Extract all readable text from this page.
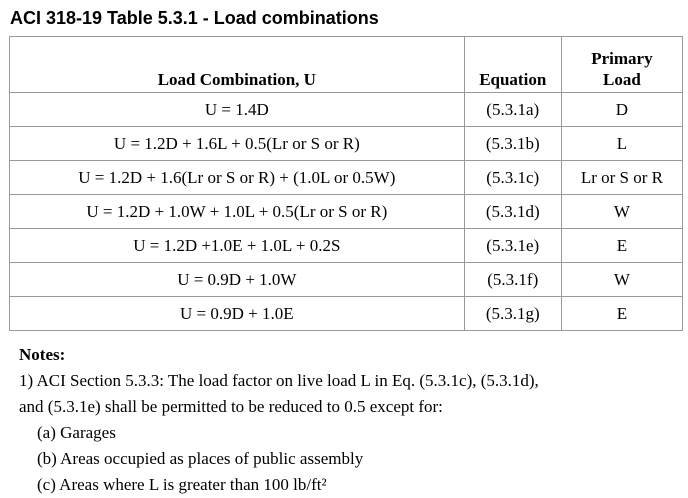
ACI 318-19 Table 5.3.1 - Load combinations
Load Combination, U	Equation	Primary
Load

U = 1.4D	(5.3.1a)	D
U = 1.2D + 1.6L + 0.5(Lr or S or R)	(5.3.1b)	L
U = 1.2D + 1.6(Lr or S or R) + (1.0L or 0.5W)	(5.3.1c)	Lr or S or R
U = 1.2D + 1.0W + 1.0L + 0.5(Lr or S or R)	(5.3.1d)	W
U = 1.2D +1.0E + 1.0L + 0.2S	(5.3.1e)	E
U = 0.9D + 1.0W	(5.3.1f)	W
U = 0.9D + 1.0E	(5.3.1g)	E
Notes:
1) ACI Section 5.3.3: The load factor on live load L in Eq. (5.3.1c), (5.3.1d),
and (5.3.1e) shall be permitted to be reduced to 0.5 except for:
(a) Garages
(b) Areas occupied as places of public assembly
(c) Areas where L is greater than 100 lb/ft²
